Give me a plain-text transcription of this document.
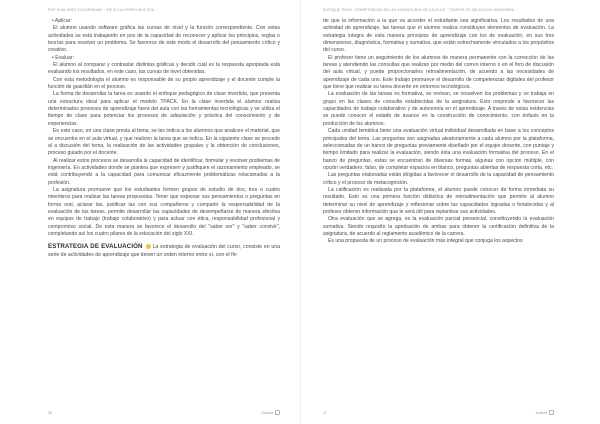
PINT SHUL ARES ECOGERMARE · RIE ZULUO RRRCI ALIE ZOA

• Aplicar:

El alumno usando software gráfica las curvas de nivel y la función correspondiente. Con estas actividades se está trabajando en pos de la capacidad de reconocer y aplicar los principios, reglas o teorías para resolver un problema. Se favorece de este modo el desarrollo del pensamiento crítico y creativo.

• Evaluar:

El alumno al comparar y contrastar distintas gráficas y decidir cuál es la respuesta apropiada está evaluando los resultados, en este caso, las curvas de nivel obtenidas.

Con esta metodología el alumno es responsable de su propio aprendizaje y el docente cumple la función de guardián en el proceso.

La forma de desarrollar la tarea es usando el enfoque pedagógico de clase invertida, que presenta una estructura ideal para aplicar el modelo TPACK. En la clase invertida el alumno realiza determinados procesos de aprendizaje fuera del aula con las herramientas tecnológicas y se utiliza el tiempo de clase para potenciar los procesos de adquisición y práctica del conocimiento y de experiencias.

En este caso, en una clase previa al tema, se les indica a los alumnos que analicen el material, que se encuentra en el aula virtual, y que realicen la tarea que se indica. En la siguiente clase se procede al a discusión del tema, la realización de las actividades grupales y la obtención de conclusiones, proceso guiado por el docente.

Al realizar estos procesos se desarrolla la capacidad de identificar, formular y resolver problemas de ingeniería. En actividades donde se plantea que expresen y justifiquen el razonamiento empleado, se está contribuyendo a la capacidad para comunicar eficazmente problemáticas relacionadas a la profesión.

La asignatura promueve que los estudiantes formen grupos de estudio de dos, tres o cuatro miembros para realizar las tareas propuestas. Tener que expresar sus pensamientos o preguntas en forma oral, aclarar las, justificar las con sus compañeros y compartir la responsabilidad de la evaluación de las tareas, permite desarrollar las capacidades de desempeñarse de manera efectiva en equipos de trabajo (trabajo colaborativo) y para actuar con ética, responsabilidad profesional y compromiso social. De esta manera se favorece el desarrollo del "saber ser" y "saber convivir", completando así los cuatro pilares de la educación del siglo XXI.

ESTRATEGIA DE EVALUACIÓN La estrategia de evaluación del curso, consiste en una serie de actividades de aprendizaje que tienen un orden interno entre sí, con el fin
36	Kultura
ENFOQUE TPACK: COMPETENCIAS EN LAS ASIGNATURAS DE CÁLCULO · TIEMPOS EN EDUCACIÓN INGENIERÍA

de que la información a la que va acceder el estudiante sea significativa. Los resultados de una actividad de aprendizaje, las tareas que el alumno realiza constituyen elementos de evaluación. La estrategia integra de esta manera principios de aprendizaje con los de evaluación, en sus tres dimensiones, diagnóstica, formativa y sumativa, que están estrechamente vinculados a los propósitos del curso.

El profesor tiene un seguimiento de los alumnos de manera permanente con la corrección de las tareas y atendiendo las consultas que realizan por medio del correo interno o en el foro de discusión del aula virtual, y puede proporcionarles retroalimentación, de acuerdo a las necesidades de aprendizaje de cada uno. Este trabajo promueve el desarrollo de competencias digitales del profesor que tiene que realizar su tarea docente en entornos tecnológicos.

La evaluación de las tareas es formativa, se revisan, se resuelven los problemas y se trabaja en grupo en las clases de consulta establecidas de la asignatura. Esto responde a favorecer las capacidades de trabajo colaborativo y de autonomía en el aprendizaje. A través de estas evidencias se puede conocer el estado de avance en la construcción de conocimiento, con énfasis en la producción de los alumnos.

Cada unidad temática tiene una evaluación virtual individual desarrollada en base a los conceptos principales del tema. Las preguntas son asignadas aleatoriamente a cada alumno por la plataforma, seleccionadas de un banco de preguntas previamente diseñado por el equipo docente, con puntaje y tiempo limitado para realizar la evaluación, siendo ésta una evaluación formativa del proceso. En el banco de preguntas, estas se encuentran de diversas formas, algunas con opción múltiple, con opción verdadero, falso, de completar espacios en blanco, preguntas abiertas de respuesta corta, etc.

Las preguntas elaboradas están dirigidas a favorecer el desarrollo de la capacidad de pensamiento crítico y el proceso de metacognición.

La calificación es realizada por la plataforma, el alumno puede conocer de forma inmediata su resultado. Esto es una primera función didáctica de retroalimentación que permite al alumno determinar su nivel de aprendizaje y reflexionar sobre las capacidades logradas o fortalecidas y al profesor obtener información que le será útil para replantear sus actividades.

Otra evaluación que se agrega, es la evaluación parcial presencial, constituyendo la evaluación sumativa. Siendo requisito la aprobación de ambas para obtener la certificación definitiva de la asignatura, de acuerdo al reglamento académico de la carrera.

Es una propuesta de un proceso de evaluación más integral que conjuga los aspectos

37	Kultura
